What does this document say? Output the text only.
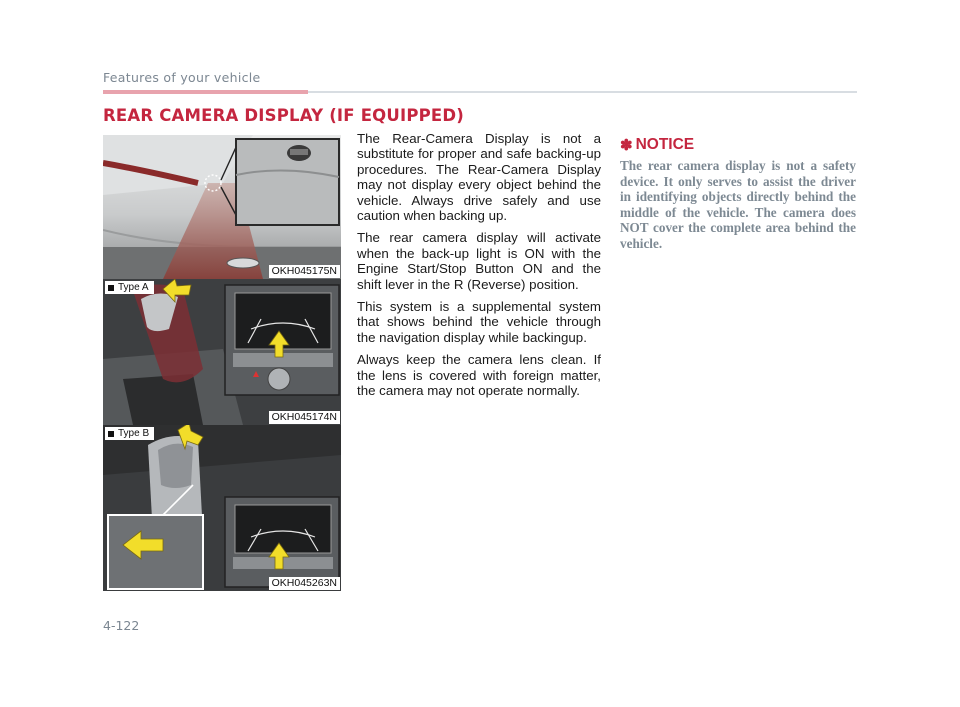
Features of your vehicle
REAR CAMERA DISPLAY (IF EQUIPPED)
OKH045175N
Type A
OKH045174N
Type B
OKH045263N

The Rear-Camera Display is not a substitute for proper and safe backing-up procedures. The Rear-Camera Display may not display every object behind the vehicle. Always drive safely and use caution when backing up.

The rear camera display will activate when the back-up light is ON with the Engine Start/Stop Button ON and the shift lever in the R (Reverse) position.

This system is a supplemental system that shows behind the vehicle through the navigation display while backingup.

Always keep the camera lens clean. If the lens is covered with foreign matter, the camera may not operate normally.

✽ NOTICE
The rear camera display is not a safety device. It only serves to assist the driver in identifying objects directly behind the middle of the vehicle. The camera does NOT cover the complete area behind the vehicle.
4-122
